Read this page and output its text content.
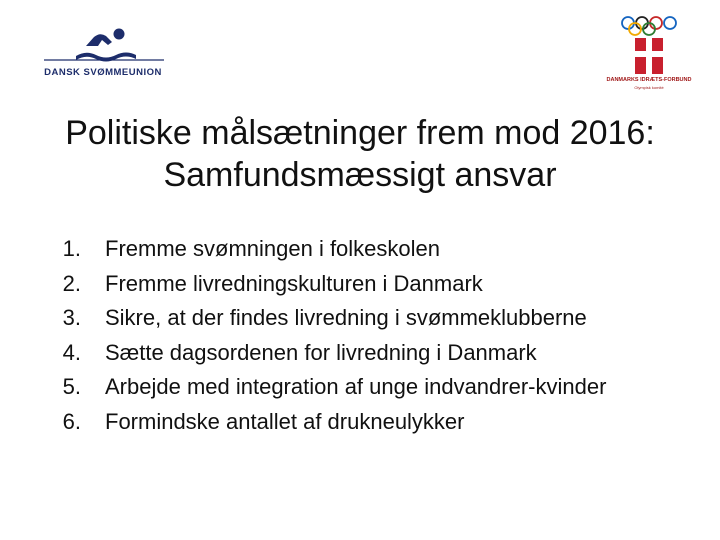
DANSK SVØMMEUNION
DANMARKS IDRÆTS-FORBUND
Olympisk komité
Politiske målsætninger frem mod 2016:
Samfundsmæssigt ansvar
1. Fremme svømningen i folkeskolen
2. Fremme livredningskulturen i Danmark
3. Sikre, at der findes livredning i svømmeklubberne
4. Sætte dagsordenen for livredning i Danmark
5. Arbejde med integration af unge indvandrer-kvinder
6. Formindske antallet af drukneulykker
